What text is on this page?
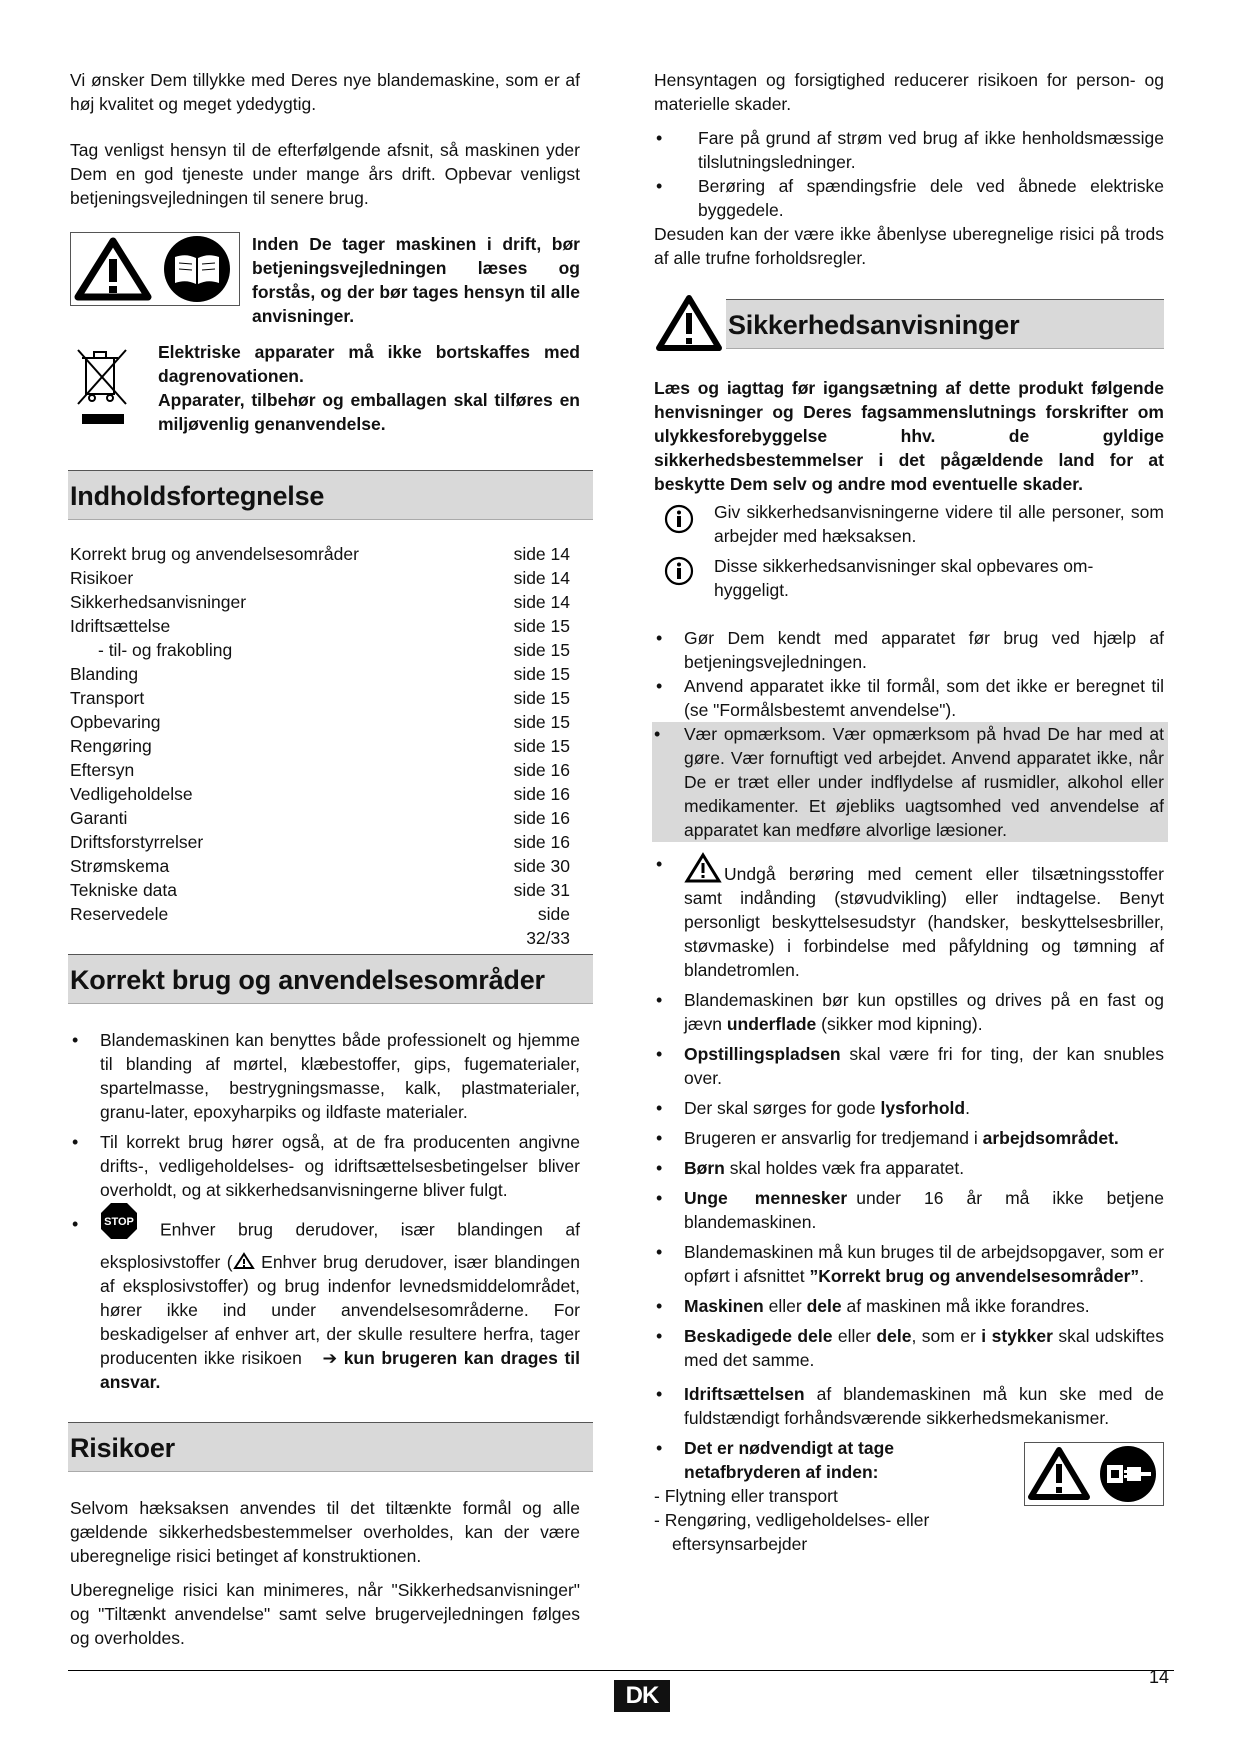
Vi ønsker Dem tillykke med Deres nye blandemaskine, som er af høj kvalitet og meget ydedygtig.

Tag venligst hensyn til de efterfølgende afsnit, så maskinen yder Dem en god tjeneste under mange års drift. Opbevar venligst betjeningsvejledningen til senere brug.

Inden De tager maskinen i drift, bør betjeningsvejledningen læses og forstås, og der bør tages hensyn til alle anvisninger.

Elektriske apparater må ikke bortskaffes med dagrenovationen.

Apparater, tilbehør og emballagen skal tilføres en miljøvenlig genanvendelse.

Indholdsfortegnelse
Korrekt brug og anvendelsesområder	side 14
Risikoer	side 14
Sikkerhedsanvisninger	side 14
Idriftsættelse	side 15
- til- og frakobling	side 15
Blanding	side 15
Transport	side 15
Opbevaring	side 15
Rengøring	side 15
Eftersyn	side 16
Vedligeholdelse	side 16
Garanti	side 16
Driftsforstyrrelser	side 16
Strømskema	side 30
Tekniske data	side 31
Reservedele	side 32/33
Korrekt brug og anvendelsesområder
• Blandemaskinen kan benyttes både professionelt og hjemme til blanding af mørtel, klæbestoffer, gips, fugematerialer, spartelmasse, bestrygningsmasse, kalk, plastmaterialer, granu-later, epoxyharpiks og ildfaste materialer.
• Til korrekt brug hører også, at de fra producenten angivne drifts-, vedligeholdelses- og idriftsættelsesbetingelser bliver overholdt, og at sikkerhedsanvisningerne bliver fulgt.
• STOP Enhver brug derudover, især blandingen af eksplosivstoffer ( Enhver brug derudover, især blandingen af eksplosivstoffer) og brug indenfor levnedsmiddelområdet, hører ikke ind under anvendelsesområderne. For beskadigelser af enhver art, der skulle resultere herfra, tager producenten ikke risikoen ➔ kun brugeren kan drages til ansvar.
Risikoer

Selvom hæksaksen anvendes til det tiltænkte formål og alle gældende sikkerhedsbestemmelser overholdes, kan der være uberegnelige risici betinget af konstruktionen.

Uberegnelige risici kan minimeres, når "Sikkerhedsanvisninger" og "Tiltænkt anvendelse" samt selve brugervejledningen følges og overholdes.

Hensyntagen og forsigtighed reducerer risikoen for person- og materielle skader.

• Fare på grund af strøm ved brug af ikke henholdsmæssige tilslutningsledninger.
• Berøring af spændingsfrie dele ved åbnede elektriske byggedele.

Desuden kan der være ikke åbenlyse uberegnelige risici på trods af alle trufne forholdsregler.

Sikkerhedsanvisninger

Læs og iagttag før igangsætning af dette produkt følgende henvisninger og Deres fagsammenslutnings forskrifter om ulykkesforebyggelse hhv. de gyldige sikkerhedsbestemmelser i det pågældende land for at beskytte Dem selv og andre mod eventuelle skader.

Giv sikkerhedsanvisningerne videre til alle personer, som arbejder med hæksaksen.

Disse sikkerhedsanvisninger skal opbevares om-hyggeligt.

• Gør Dem kendt med apparatet før brug ved hjælp af betjeningsvejledningen.
• Anvend apparatet ikke til formål, som det ikke er beregnet til (se "Formålsbestemt anvendelse").
• Vær opmærksom. Vær opmærksom på hvad De har med at gøre. Vær fornuftigt ved arbejdet. Anvend apparatet ikke, når De er træt eller under indflydelse af rusmidler, alkohol eller medikamenter. Et øjebliks uagtsomhed ved anvendelse af apparatet kan medføre alvorlige læsioner.
• Undgå berøring med cement eller tilsætningsstoffer samt indånding (støvudvikling) eller indtagelse. Benyt personligt beskyttelsesudstyr (handsker, beskyttelsesbriller, støvmaske) i forbindelse med påfyldning og tømning af blandetromlen.
• Blandemaskinen bør kun opstilles og drives på en fast og jævn underflade (sikker mod kipning).
• Opstillingspladsen skal være fri for ting, der kan snubles over.
• Der skal sørges for gode lysforhold.
• Brugeren er ansvarlig for tredjemand i arbejdsområdet.
• Børn skal holdes væk fra apparatet.
• Unge mennesker under 16 år må ikke betjene blandemaskinen.
• Blandemaskinen må kun bruges til de arbejdsopgaver, som er opført i afsnittet ”Korrekt brug og anvendelsesområder”.
• Maskinen eller dele af maskinen må ikke forandres.
• Beskadigede dele eller dele, som er i stykker skal udskiftes med det samme.
• Idriftsættelsen af blandemaskinen må kun ske med de fuldstændigt forhåndsværende sikkerhedsmekanismer.
• Det er nødvendigt at tage netafbryderen af inden:
- Flytning eller transport
- Rengøring, vedligeholdelses- eller
eftersynsarbejder
14
DK
